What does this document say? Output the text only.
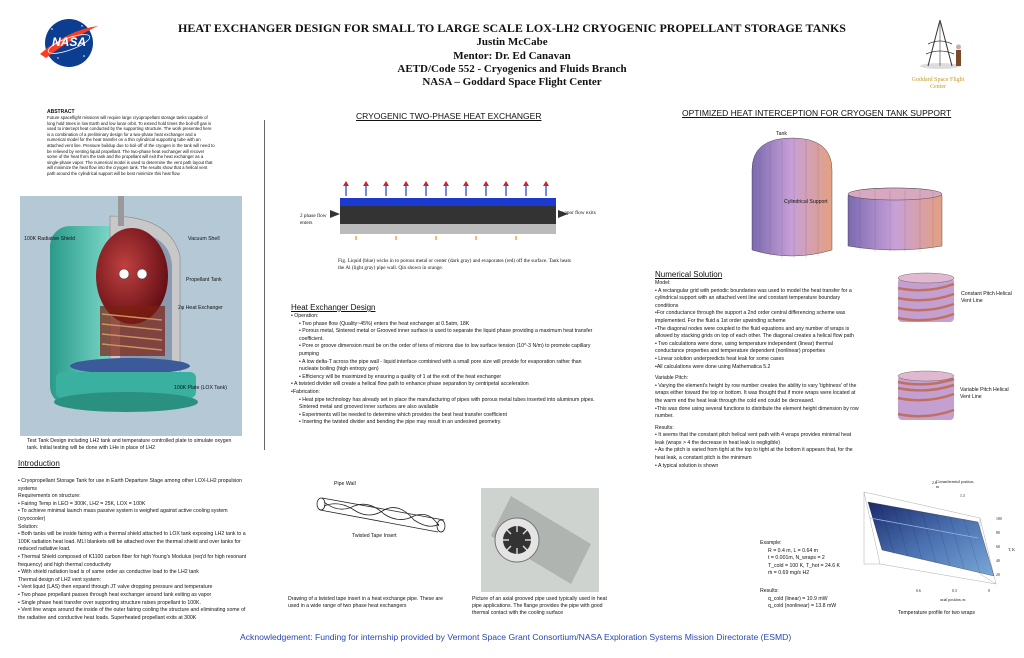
NASA
HEAT EXCHANGER DESIGN FOR SMALL TO LARGE SCALE LOX-LH2 CRYOGENIC PROPELLANT STORAGE TANKS
Justin McCabe
Mentor: Dr. Ed Canavan
AETD/Code 552 - Cryogenics and Fluids Branch
NASA – Goddard Space Flight Center	Goddard Space Flight Center
ABSTRACT
Future spaceflight missions will require large cryopropellant storage tanks capable of long hold times in low Earth and low lunar orbit. To extend hold times the boil-off gas is used to intercept heat conducted by the supporting structure. The work presented here is a combination of a preliminary design for a two-phase heat exchanger and a numerical model for the heat transfer on a thin cylindrical supporting tube with an attached vent line. Pressure buildup due to boil-off of the cryogen in the tank will need to be relieved by venting liquid propellant. The two-phase heat exchanger will recover some of the heat from the tank and the propellant will exit the heat exchanger as a single-phase vapor. The numerical model is used to determine the vent path layout that will minimize the heat flow into the cryogen tank. The results show that a helical vent path around the cylindrical support will be best minimize this heat flow.
100K Radiative Shield	Vacuum Shell
Propellant Tank
2φ Heat Exchanger
100K Plate (LOX Tank)
Test Tank Design including LH2 tank and temperature controlled plate to simulate oxygen tank. Initial testing will be done with LHe in place of LH2
Introduction
• Cryopropellant Storage Tank for use in Earth Departure Stage among other LOX-LH2 propulsion systems
Requirements on structure:
• Fairing Temp in LEO = 300K, LH2 = 25K, LOX = 100K
• To achieve minimal launch mass passive system is weighed against active cooling system (cryocooler)
Solution:
• Both tanks will be inside fairing with a thermal shield attached to LOX tank exposing LH2 tank to a 100K radiation heat load. MLI blankets will be attached over the thermal shield and over tanks for reduced radiative load.
• Thermal Shield composed of K1100 carbon fiber for high Young's Modulus (req'd for high resonant frequency) and high thermal conductivity
• With shield radiation load is of same order as conductive load to the LH2 tank
Thermal design of LH2 vent system:
• Vent liquid (LAS) then expand through JT valve dropping pressure and temperature
• Two phase propellant passes through heat exchanger around tank exiting as vapor
• Single phase heat transfer over supporting structure raises propellant to 100K.
• Vent line wraps around the inside of the outer fairing cooling the structure and eliminating some of the radiative and conductive heat loads. Superheated propellant exits at 300K
CRYOGENIC TWO-PHASE HEAT EXCHANGER
2 phase flow enters
vapor flow exits
Fig. Liquid (blue) wicks in to porous metal or center (dark gray) and evaporates (red) off the surface. Tank heats the Al (light gray) pipe wall. Qin shown in orange.
Heat Exchanger Design
• Operation:
• Two phase flow (Quality~45%) enters the heat exchanger at 0.5atm, 18K
• Porous metal, Sintered metal or Grooved inner surface is used to separate the liquid phase providing a maximum heat transfer coefficient.
• Pore or groove dimension must be on the order of tens of microns due to low surface tension (10^-3 N/m) to promote capillary pumping
• A low delta-T across the pipe wall - liquid interface combined with a small pore size will provide for evaporation rather than nucleate boiling (high entropy gen)
• Efficiency will be maximized by ensuring a quality of 1 at the exit of the heat exchanger
• A twisted divider will create a helical flow path to enhance phase separation by centripetal acceleration
•Fabrication:
• Heat pipe technology has already set in place the manufacturing of pipes with porous metal tubes inserted into aluminum pipes. Sintered metal and grooved inner surfaces are also available
• Experiments will be needed to determine which provides the best heat transfer coefficient
• Inserting the twisted divider and bending the pipe may result in an undesired geometry.
Pipe Wall
Twisted Tape Insert
Drawing of a twisted tape insert in a heat exchange pipe. These are used in a wide range of two phase heat exchangers
Picture of an axial grooved pipe used typically used in heat pipe applications. The flange provides the pipe with good thermal contact with the cooling surface
OPTIMIZED HEAT INTERCEPTION FOR CRYOGEN TANK SUPPORT
Tank
Cylindrical Support
Numerical Solution
Model:
• A rectangular grid with periodic boundaries was used to model the heat transfer for a cylindrical support with an attached vent line and constant temperature boundary conditions
•For conductance through the support a 2nd order central differencing scheme was implemented. For the fluid a 1st order upwinding scheme
•The diagonal nodes were coupled to the fluid equations and any number of wraps is allowed by stacking grids on top of each other. The diagonal creates a helical flow path
• Two calculations were done, using temperature independent (linear) thermal conductance properties and temperature dependent (nonlinear) properties
• Linear solution underpredicts heat leak for some cases
•All calculations were done using Mathematica 5.2
Variable Pitch:
• Varying the element's height by row number creates the ability to vary 'tightness' of the wraps either toward the top or bottom. It was thought that if more wraps were located at the warm end the heat leak through the cold end could be decreased.
•This was done using several functions to distribute the element height dimension by row number.
Results:
• It seems that the constant pitch helical vent path with 4 wraps provides minimal heat leak (wraps > 4 the decrease in heat leak is negligible)
• As the pitch is varied from tight at the top to tight at the bottom it appears that, for the heat leak, a constant pitch is the minimum
• A typical solution is shown
Constant Pitch Helical Vent Line
Variable Pitch Helical Vent Line
Example:
R = 0.4 m, L = 0.64 m
t = 0.001m, N_wraps = 2
T_cold = 100 K, T_hot = 24.6 K
ṁ = 0.69 mg/s H2
Results:
q_cold (linear) = 10.9 mW
q_cold (nonlinear) = 13.8 mW
Circumferential position, m
axial position, m
T, K
100
80
60
40
20
2.6
1.3
0.6	0.3	0
Temperature profile for two wraps
Acknowledgement: Funding for internship provided by Vermont Space Grant Consortium/NASA Exploration Systems Mission Directorate (ESMD)
